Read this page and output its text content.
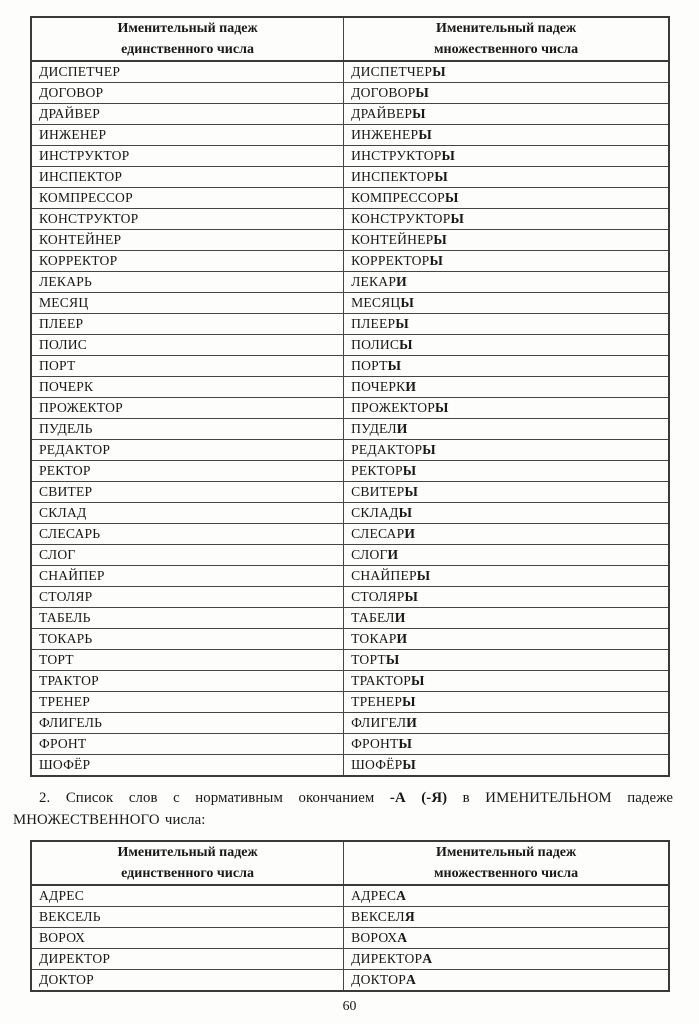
Именительный падеж
единственного числа

Именительный падеж
множественного числа

ДИСПЕТЧЕР	ДИСПЕТЧЕРЫ
ДОГОВОР	ДОГОВОРЫ
ДРАЙВЕР	ДРАЙВЕРЫ
ИНЖЕНЕР	ИНЖЕНЕРЫ
ИНСТРУКТОР	ИНСТРУКТОРЫ
ИНСПЕКТОР	ИНСПЕКТОРЫ
КОМПРЕССОР	КОМПРЕССОРЫ
КОНСТРУКТОР	КОНСТРУКТОРЫ
КОНТЕЙНЕР	КОНТЕЙНЕРЫ
КОРРЕКТОР	КОРРЕКТОРЫ
ЛЕКАРЬ	ЛЕКАРИ
МЕСЯЦ	МЕСЯЦЫ
ПЛЕЕР	ПЛЕЕРЫ
ПОЛИС	ПОЛИСЫ
ПОРТ	ПОРТЫ
ПОЧЕРК	ПОЧЕРКИ
ПРОЖЕКТОР	ПРОЖЕКТОРЫ
ПУДЕЛЬ	ПУДЕЛИ
РЕДАКТОР	РЕДАКТОРЫ
РЕКТОР	РЕКТОРЫ
СВИТЕР	СВИТЕРЫ
СКЛАД	СКЛАДЫ
СЛЕСАРЬ	СЛЕСАРИ
СЛОГ	СЛОГИ
СНАЙПЕР	СНАЙПЕРЫ
СТОЛЯР	СТОЛЯРЫ
ТАБЕЛЬ	ТАБЕЛИ
ТОКАРЬ	ТОКАРИ
ТОРТ	ТОРТЫ
ТРАКТОР	ТРАКТОРЫ
ТРЕНЕР	ТРЕНЕРЫ
ФЛИГЕЛЬ	ФЛИГЕЛИ
ФРОНТ	ФРОНТЫ
ШОФЁР	ШОФЁРЫ

2. Список слов с нормативным окончанием -А (-Я) в ИМЕНИТЕЛЬНОМ падеже МНОЖЕСТВЕННОГО числа:

Именительный падеж
единственного числа

Именительный падеж
множественного числа

АДРЕС	АДРЕСА
ВЕКСЕЛЬ	ВЕКСЕЛЯ
ВОРОХ	ВОРОХА
ДИРЕКТОР	ДИРЕКТОРА
ДОКТОР	ДОКТОРА
60
